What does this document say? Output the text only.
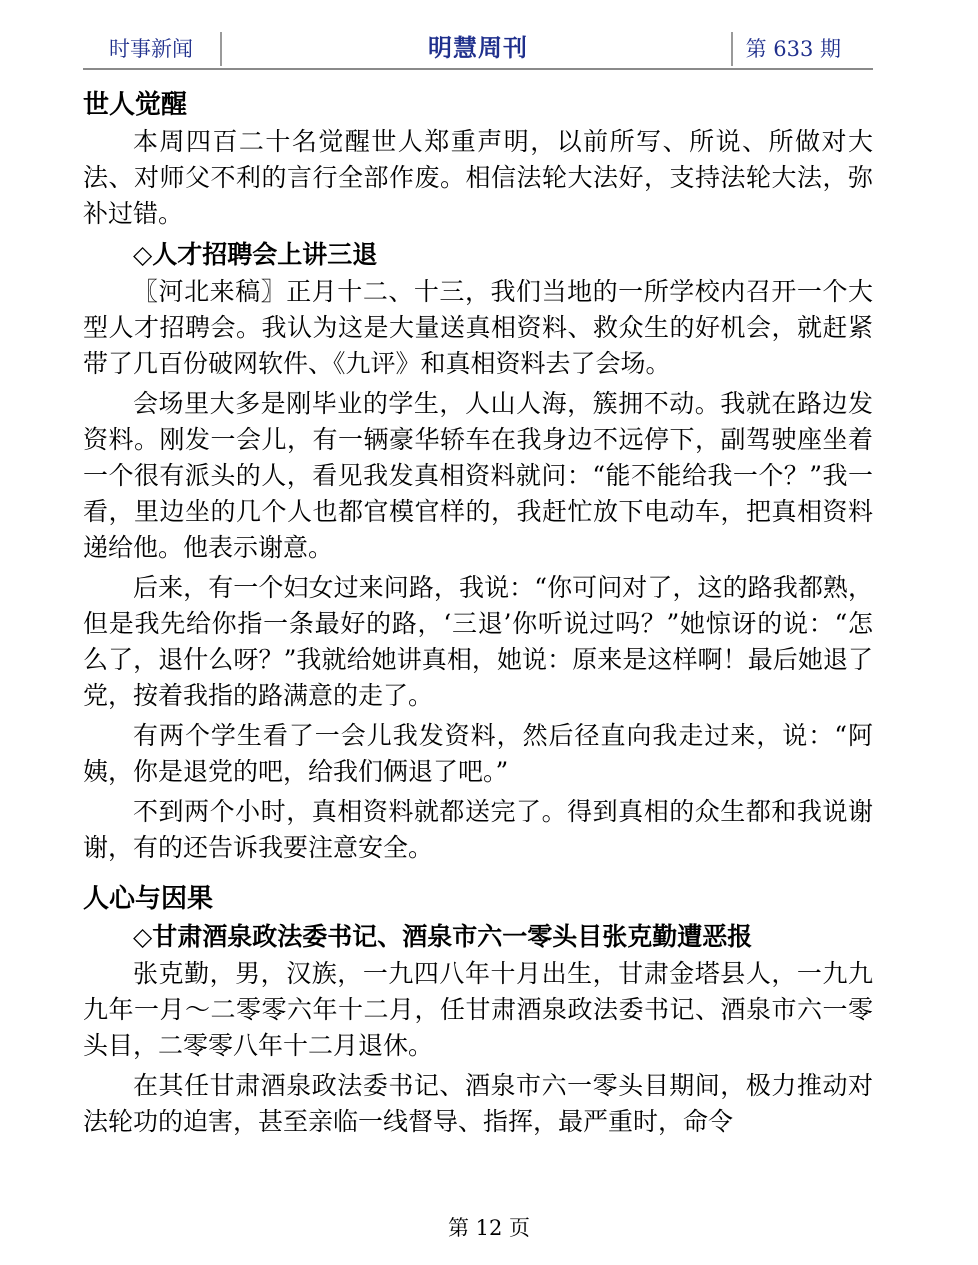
时事新闻	明慧周刊	第 633 期

世人觉醒

本周四百二十名觉醒世人郑重声明，以前所写、所说、所做对大法、对师父不利的言行全部作废。相信法轮大法好，支持法轮大法，弥补过错。

◇人才招聘会上讲三退

〖河北来稿〗正月十二、十三，我们当地的一所学校内召开一个大型人才招聘会。我认为这是大量送真相资料、救众生的好机会，就赶紧带了几百份破网软件、《九评》和真相资料去了会场。

会场里大多是刚毕业的学生，人山人海，簇拥不动。我就在路边发资料。刚发一会儿，有一辆豪华轿车在我身边不远停下，副驾驶座坐着一个很有派头的人，看见我发真相资料就问：“能不能给我一个？”我一看，里边坐的几个人也都官模官样的，我赶忙放下电动车，把真相资料递给他。他表示谢意。

后来，有一个妇女过来问路，我说：“你可问对了，这的路我都熟，但是我先给你指一条最好的路，‘三退’你听说过吗？”她惊讶的说：“怎么了，退什么呀？”我就给她讲真相，她说：原来是这样啊！最后她退了党，按着我指的路满意的走了。

有两个学生看了一会儿我发资料，然后径直向我走过来，说：“阿姨，你是退党的吧，给我们俩退了吧。”

不到两个小时，真相资料就都送完了。得到真相的众生都和我说谢谢，有的还告诉我要注意安全。

人心与因果

◇甘肃酒泉政法委书记、酒泉市六一零头目张克勤遭恶报

张克勤，男，汉族，一九四八年十月出生，甘肃金塔县人，一九九九年一月～二零零六年十二月，任甘肃酒泉政法委书记、酒泉市六一零头目，二零零八年十二月退休。

在其任甘肃酒泉政法委书记、酒泉市六一零头目期间，极力推动对法轮功的迫害，甚至亲临一线督导、指挥，最严重时，命令

第 12 页
